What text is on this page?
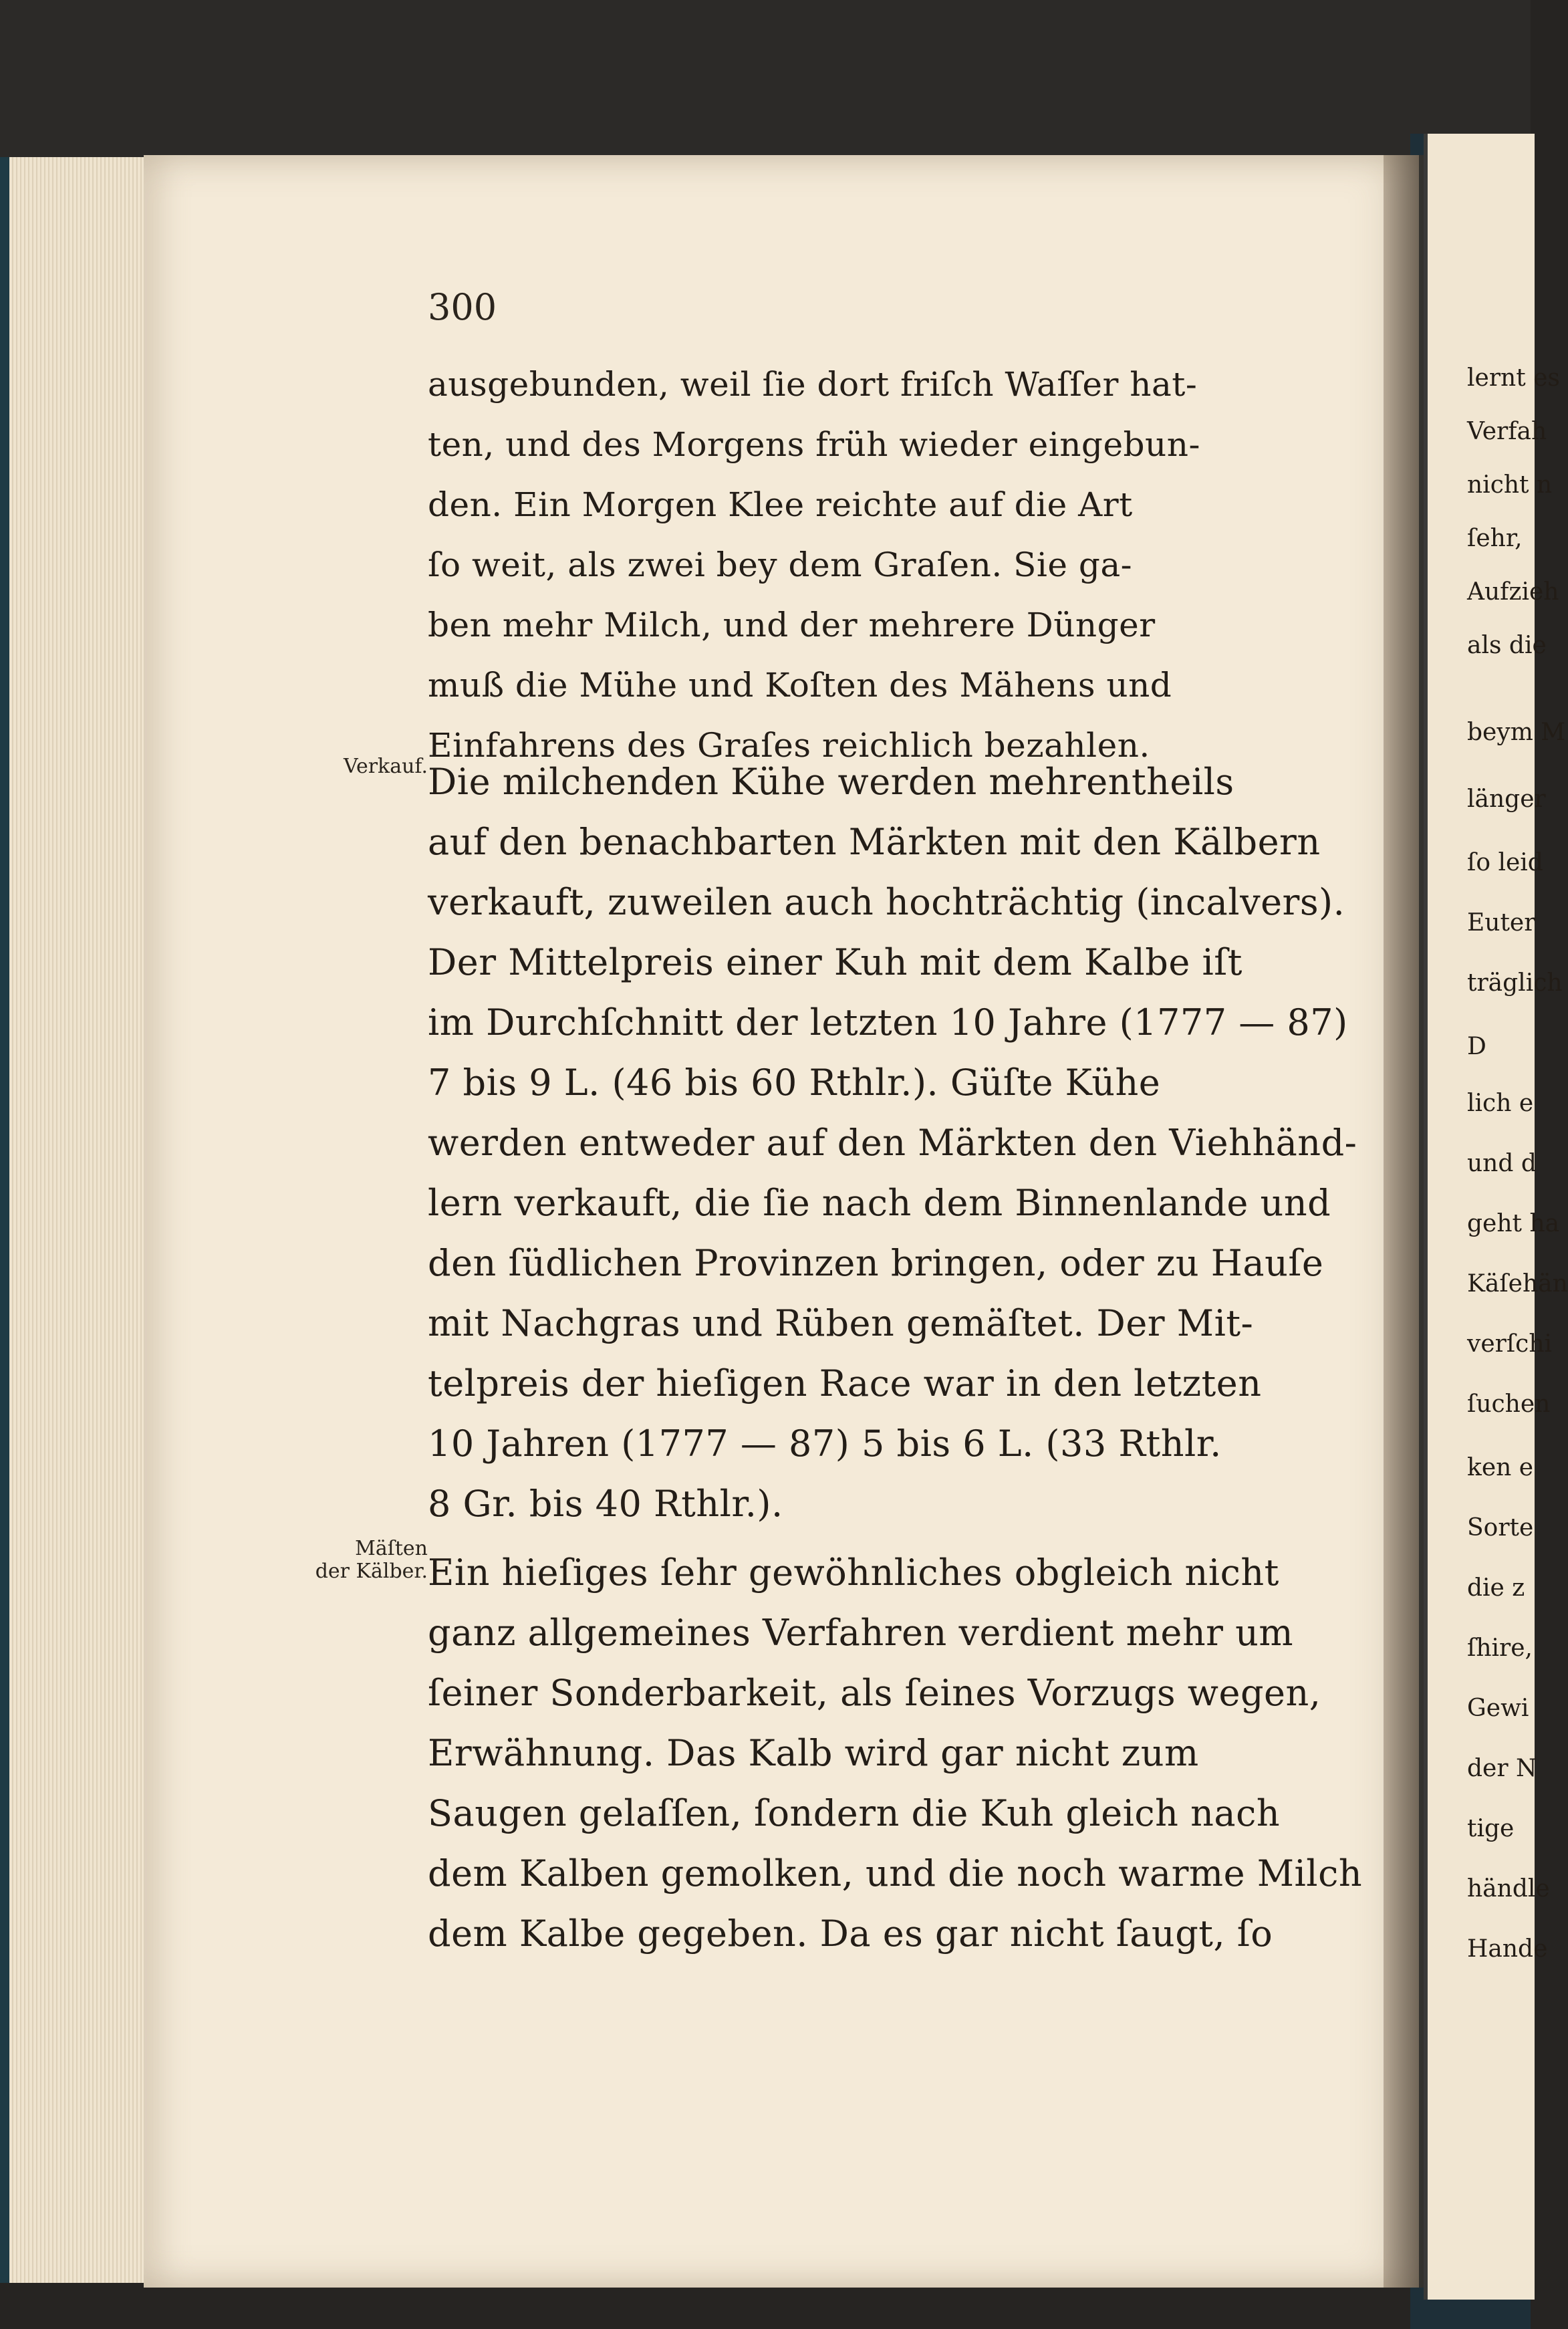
300
ausgebunden, weil ſie dort friſch Waſſer hat-
ten, und des Morgens früh wieder eingebun-
den. Ein Morgen Klee reichte auf die Art
ſo weit, als zwei bey dem Graſen. Sie ga-
ben mehr Milch, und der mehrere Dünger
muß die Mühe und Koſten des Mähens und
Einfahrens des Graſes reichlich bezahlen.
Verkauf. Die milchenden Kühe werden mehrentheils
auf den benachbarten Märkten mit den Kälbern
verkauft, zuweilen auch hochträchtig (incalvers).
Der Mittelpreis einer Kuh mit dem Kalbe iſt
im Durchſchnitt der letzten 10 Jahre (1777 — 87)
7 bis 9 L. (46 bis 60 Rthlr.). Güſte Kühe
werden entweder auf den Märkten den Viehhänd-
lern verkauft, die ſie nach dem Binnenlande und
den ſüdlichen Provinzen bringen, oder zu Hauſe
mit Nachgras und Rüben gemäſtet. Der Mit-
telpreis der hieſigen Race war in den letzten
10 Jahren (1777 — 87) 5 bis 6 L. (33 Rthlr.
8 Gr. bis 40 Rthlr.).
Mäſten
der Kälber. Ein hieſiges ſehr gewöhnliches obgleich nicht
ganz allgemeines Verfahren verdient mehr um
ſeiner Sonderbarkeit, als ſeines Vorzugs wegen,
Erwähnung. Das Kalb wird gar nicht zum
Saugen gelaſſen, ſondern die Kuh gleich nach
dem Kalben gemolken, und die noch warme Milch
dem Kalbe gegeben. Da es gar nicht ſaugt, ſo
lernt es
Verfah
nicht n
ſehr,
Aufzieh
als die
beym M
länger
ſo leid
Euter
träglich
D
lich e
und d
geht ha
Käſehän
verſchi
ſuchen
ken e
Sorte
die z
ſhire,
Gewi
der N
tige
händle
Hande
